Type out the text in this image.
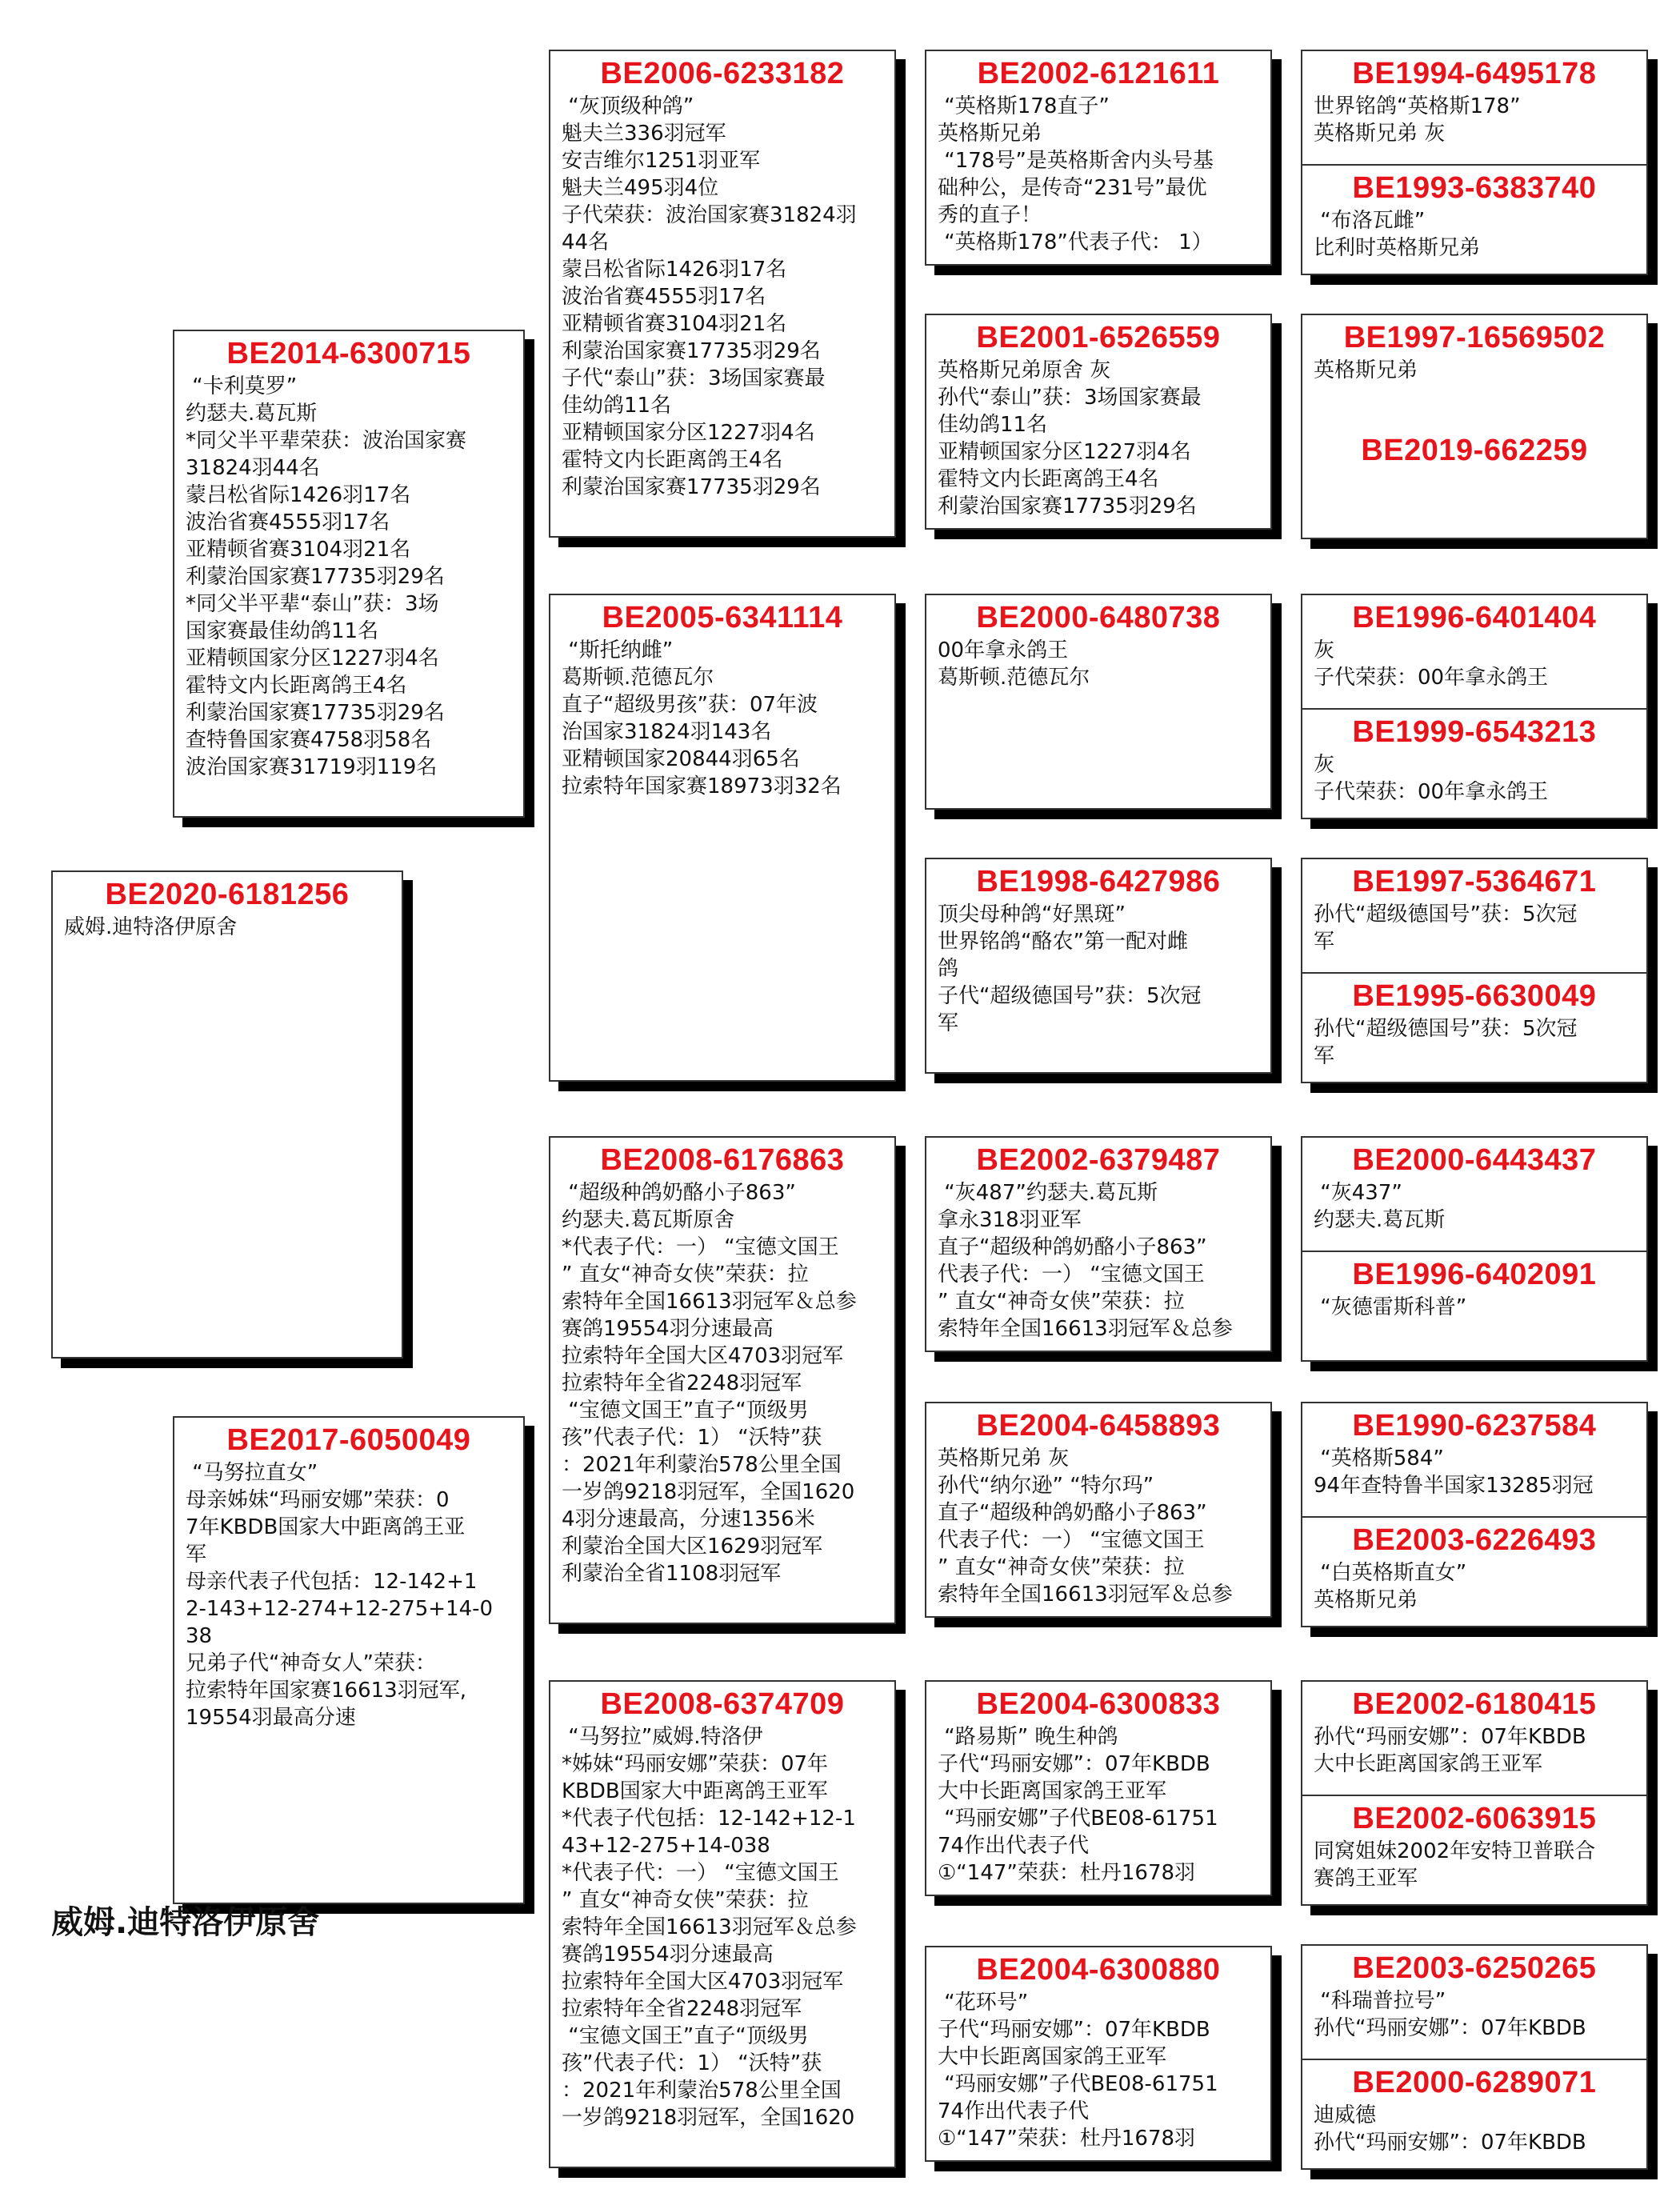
BE2020-6181256
威姆.迪特洛伊原舍
BE2014-6300715
“卡利莫罗”
约瑟夫.葛瓦斯
*同父半平辈荣获：波治国家赛
31824羽44名
蒙吕松省际1426羽17名
波治省赛4555羽17名
亚精顿省赛3104羽21名
利蒙治国家赛17735羽29名
*同父半平辈“泰山”获：3场
国家赛最佳幼鸽11名
亚精顿国家分区1227羽4名
霍特文内长距离鸽王4名
利蒙治国家赛17735羽29名
查特鲁国家赛4758羽58名
波治国家赛31719羽119名
BE2017-6050049
“马努拉直女”
母亲姊妹“玛丽安娜”荣获：0
7年KBDB国家大中距离鸽王亚
军
母亲代表子代包括：12-142+1
2-143+12-274+12-275+14-0
38
兄弟子代“神奇女人”荣获：
拉索特年国家赛16613羽冠军,
19554羽最高分速
BE2006-6233182
“灰顶级种鸽”
魁夫兰336羽冠军
安吉维尔1251羽亚军
魁夫兰495羽4位
子代荣获：波治国家赛31824羽
44名
蒙吕松省际1426羽17名
波治省赛4555羽17名
亚精顿省赛3104羽21名
利蒙治国家赛17735羽29名
子代“泰山”获：3场国家赛最
佳幼鸽11名
亚精顿国家分区1227羽4名
霍特文内长距离鸽王4名
利蒙治国家赛17735羽29名
BE2005-6341114
“斯托纳雌”
葛斯顿.范德瓦尔
直子“超级男孩”获：07年波
治国家31824羽143名
亚精顿国家20844羽65名
拉索特年国家赛18973羽32名
BE2008-6176863
“超级种鸽奶酪小子863”
约瑟夫.葛瓦斯原舍
*代表子代：一） “宝德文国王
” 直女“神奇女侠”荣获：拉
索特年全国16613羽冠军＆总参
赛鸽19554羽分速最高
拉索特年全国大区4703羽冠军
拉索特年全省2248羽冠军
“宝德文国王”直子“顶级男
孩”代表子代：1） “沃特”获
：2021年利蒙治578公里全国
一岁鸽9218羽冠军，全国1620
4羽分速最高，分速1356米
利蒙治全国大区1629羽冠军
利蒙治全省1108羽冠军
BE2008-6374709
“马努拉”威姆.特洛伊
*姊妹“玛丽安娜”荣获：07年
KBDB国家大中距离鸽王亚军
*代表子代包括：12-142+12-1
43+12-275+14-038
*代表子代：一） “宝德文国王
” 直女“神奇女侠”荣获：拉
索特年全国16613羽冠军＆总参
赛鸽19554羽分速最高
拉索特年全国大区4703羽冠军
拉索特年全省2248羽冠军
“宝德文国王”直子“顶级男
孩”代表子代：1） “沃特”获
：2021年利蒙治578公里全国
一岁鸽9218羽冠军，全国1620
BE2002-6121611
“英格斯178直子”
英格斯兄弟
“178号”是英格斯舍内头号基
础种公，是传奇“231号”最优
秀的直子！
“英格斯178”代表子代： 1）
BE2001-6526559
英格斯兄弟原舍 灰
孙代“泰山”获：3场国家赛最
佳幼鸽11名
亚精顿国家分区1227羽4名
霍特文内长距离鸽王4名
利蒙治国家赛17735羽29名
BE2000-6480738
00年拿永鸽王
葛斯顿.范德瓦尔
BE1998-6427986
顶尖母种鸽“好黑斑”
世界铭鸽“酪农”第一配对雌
鸽
子代“超级德国号”获：5次冠
军
BE2002-6379487
“灰487”约瑟夫.葛瓦斯
拿永318羽亚军
直子“超级种鸽奶酪小子863”
代表子代：一） “宝德文国王
” 直女“神奇女侠”荣获：拉
索特年全国16613羽冠军＆总参
BE2004-6458893
英格斯兄弟 灰
孙代“纳尔逊” “特尔玛”
直子“超级种鸽奶酪小子863”
代表子代：一） “宝德文国王
” 直女“神奇女侠”荣获：拉
索特年全国16613羽冠军＆总参
BE2004-6300833
“路易斯” 晚生种鸽
子代“玛丽安娜”：07年KBDB
大中长距离国家鸽王亚军
“玛丽安娜”子代BE08-61751
74作出代表子代
①“147”荣获：杜丹1678羽
BE2004-6300880
“花环号”
子代“玛丽安娜”：07年KBDB
大中长距离国家鸽王亚军
“玛丽安娜”子代BE08-61751
74作出代表子代
①“147”荣获：杜丹1678羽
BE1994-6495178
世界铭鸽“英格斯178”
英格斯兄弟 灰
BE1993-6383740
“布洛瓦雌”
比利时英格斯兄弟
BE1997-16569502
英格斯兄弟
BE2019-662259
BE1996-6401404
灰
子代荣获：00年拿永鸽王
BE1999-6543213
灰
子代荣获：00年拿永鸽王
BE1997-5364671
孙代“超级德国号”获：5次冠
军
BE1995-6630049
孙代“超级德国号”获：5次冠
军
BE2000-6443437
“灰437”
约瑟夫.葛瓦斯
BE1996-6402091
“灰德雷斯科普”
BE1990-6237584
“英格斯584”
94年查特鲁半国家13285羽冠
BE2003-6226493
“白英格斯直女”
英格斯兄弟
BE2002-6180415
孙代“玛丽安娜”：07年KBDB
大中长距离国家鸽王亚军
BE2002-6063915
同窝姐妹2002年安特卫普联合
赛鸽王亚军
BE2003-6250265
“科瑞普拉号”
孙代“玛丽安娜”：07年KBDB
BE2000-6289071
迪威德
孙代“玛丽安娜”：07年KBDB
威姆.迪特洛伊原舍
